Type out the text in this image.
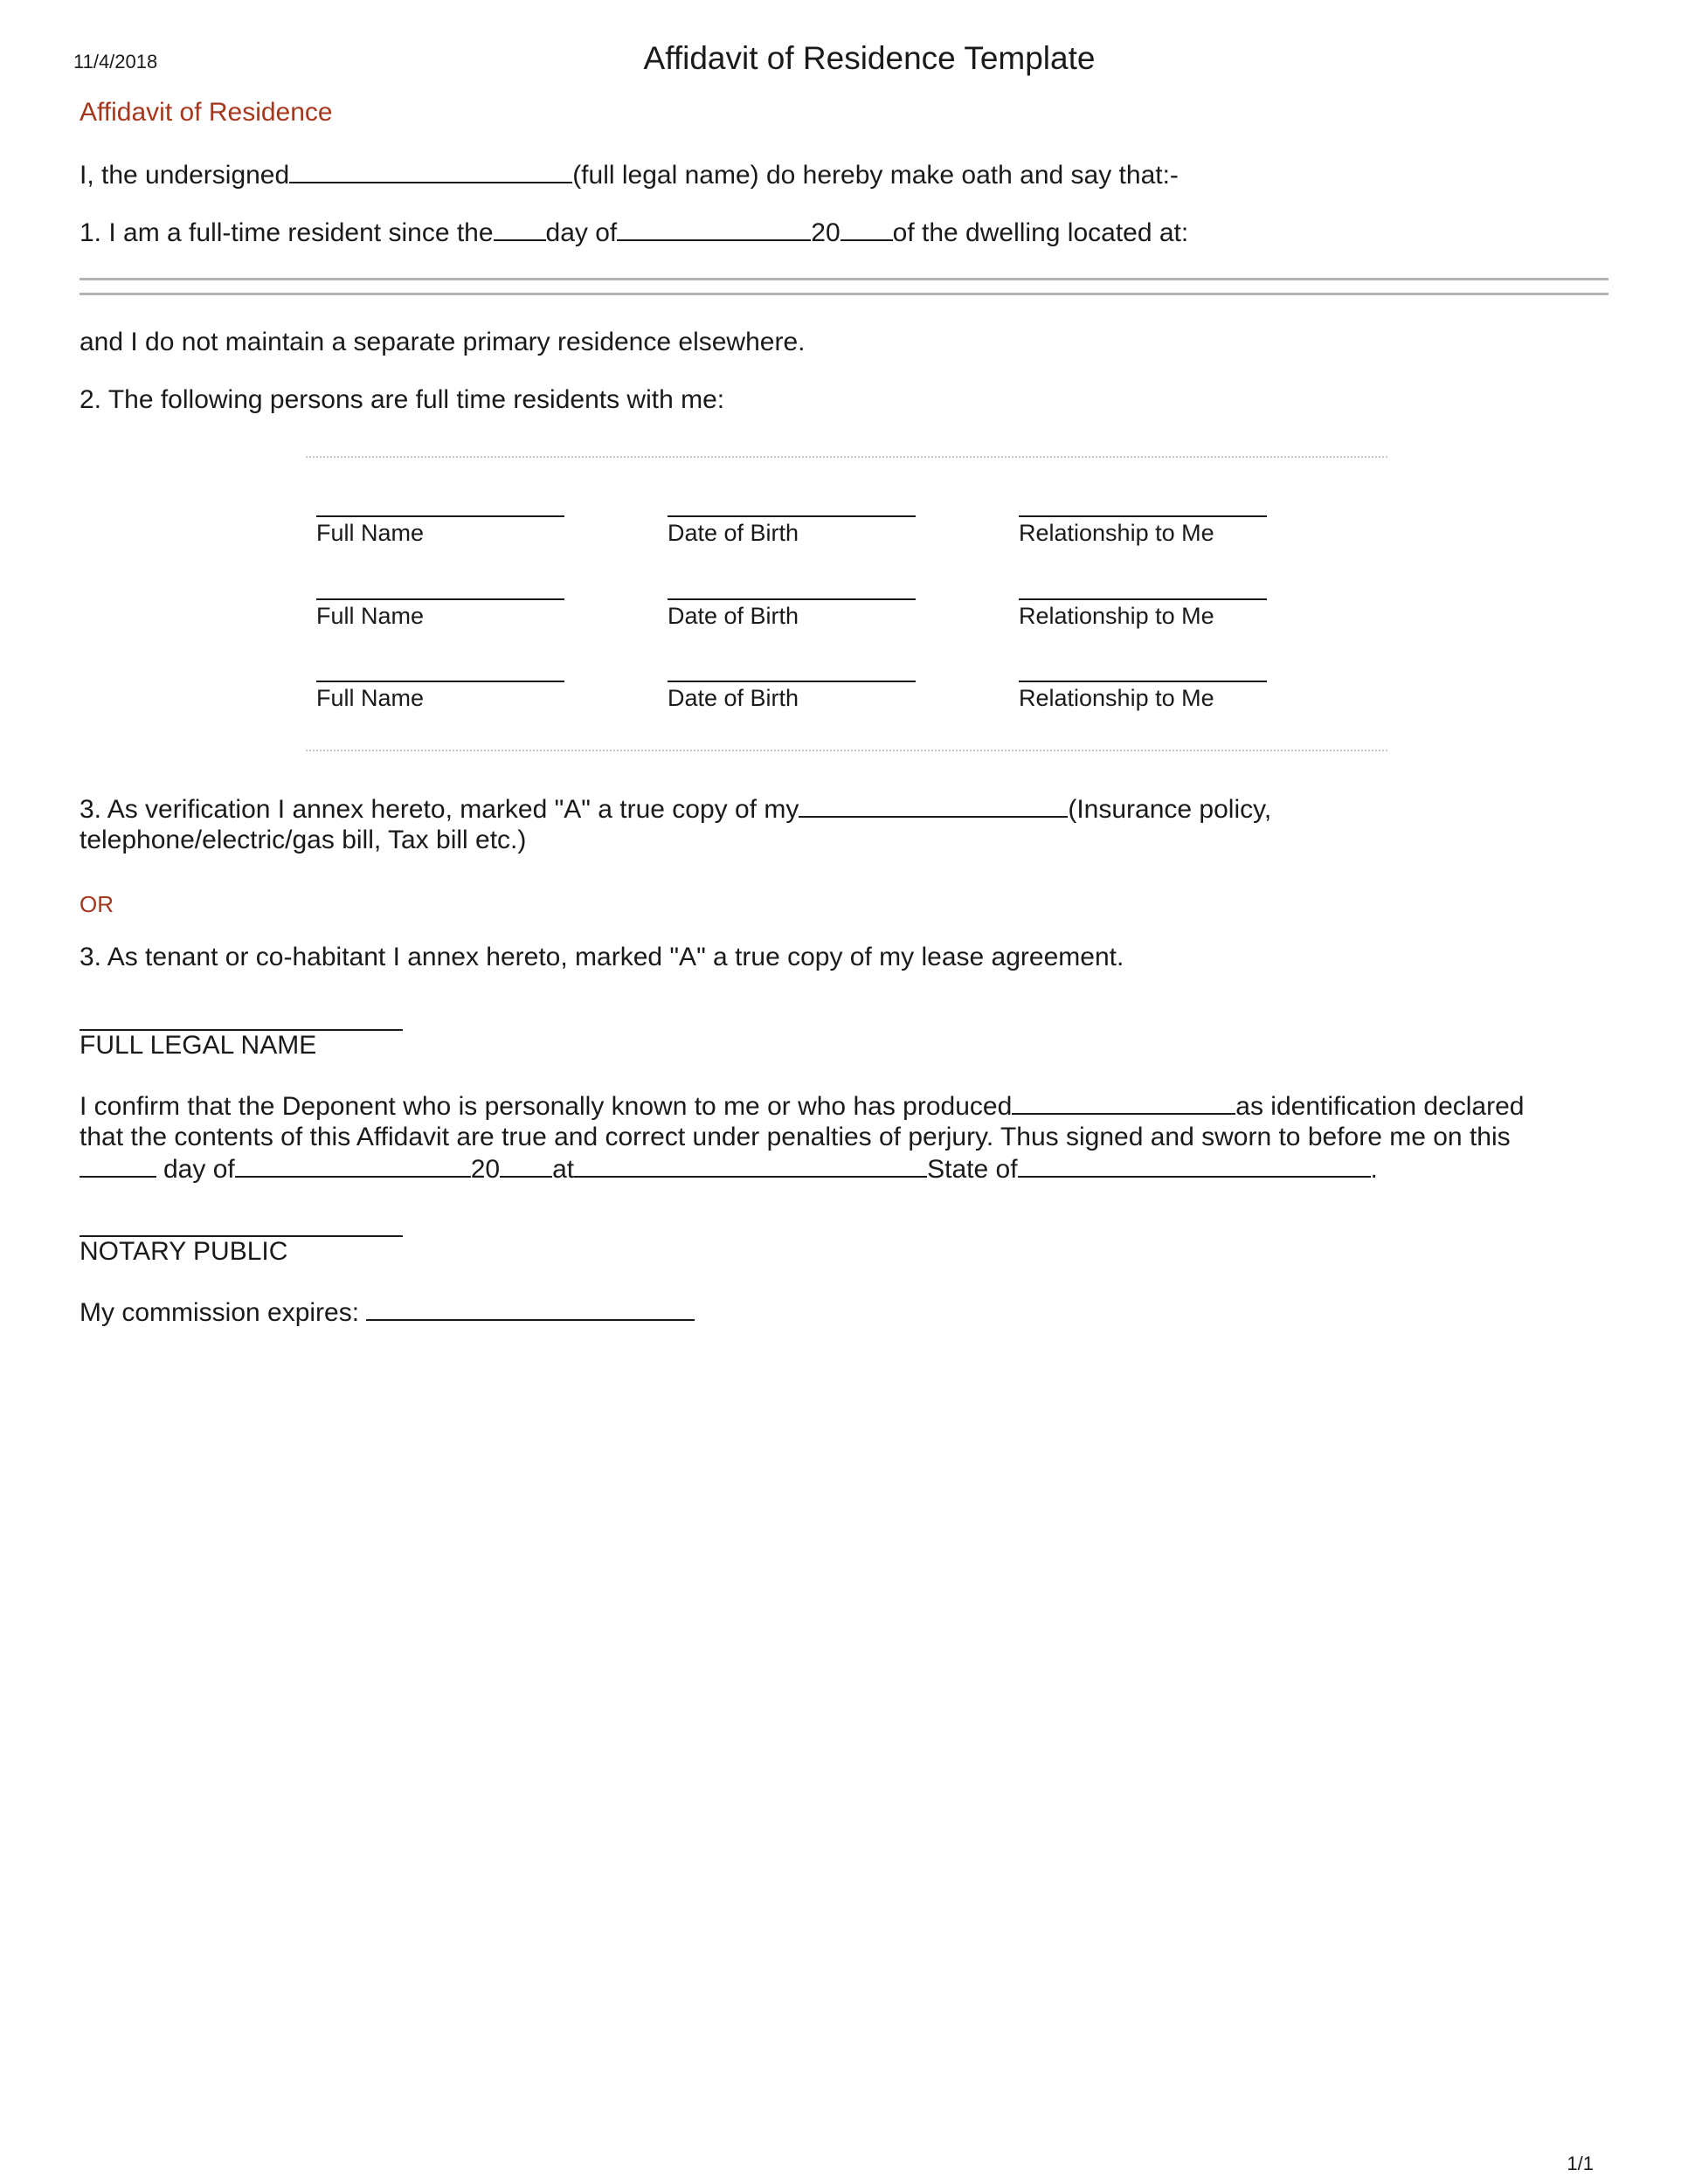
11/4/2018	Affidavit of Residence Template
Affidavit of Residence
I, the undersigned	(full legal name) do hereby make oath and say that:-
1. I am a full-time resident since the day of	20 of the dwelling located at:
and I do not maintain a separate primary residence elsewhere.
2. The following persons are full time residents with me:
Full Name	Date of Birth	Relationship to Me
Full Name	Date of Birth	Relationship to Me
Full Name	Date of Birth	Relationship to Me
3. As verification I annex hereto, marked "A" a true copy of my	(Insurance policy,
telephone/electric/gas bill, Tax bill etc.)
OR
3. As tenant or co-habitant I annex hereto, marked "A" a true copy of my lease agreement.
FULL LEGAL NAME
I confirm that the Deponent who is personally known to me or who has produced	as identification declared
that the contents of this Affidavit are true and correct under penalties of perjury. Thus signed and sworn to before me on this
day of	20 at	State of	.
NOTARY PUBLIC
My commission expires:
1/1
